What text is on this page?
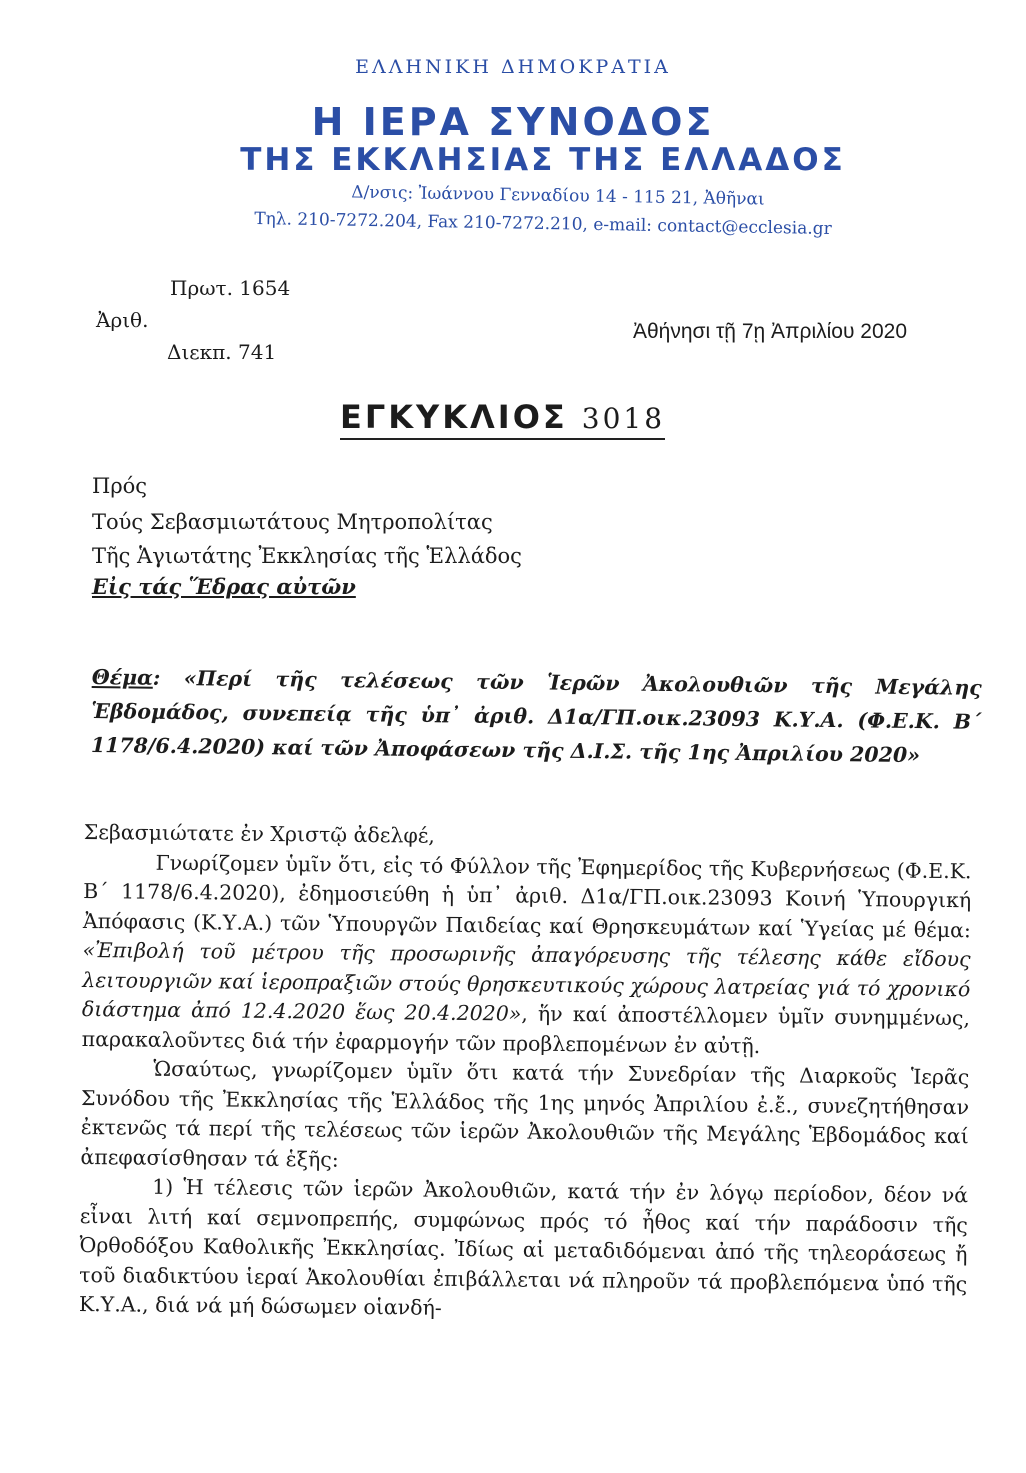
ΕΛΛΗΝΙΚΗ ΔΗΜΟΚΡΑΤΙΑ
Η ΙΕΡΑ ΣΥΝΟΔΟΣ
ΤΗΣ ΕΚΚΛΗΣΙΑΣ ΤΗΣ ΕΛΛΑΔΟΣ
Δ/νσις: Ἰωάννου Γενναδίου 14 - 115 21, Ἀθῆναι
Τηλ. 210-7272.204, Fax 210-7272.210, e-mail: contact@ecclesia.gr
Πρωτ. 1654
Ἀριθ.
Διεκπ. 741
Ἀθήνησι τῇ 7ῃ Ἀπριλίου 2020
ΕΓΚΥΚΛΙΟΣ 3018
Πρός
Τούς Σεβασμιωτάτους Μητροπολίτας
Τῆς Ἁγιωτάτης Ἐκκλησίας τῆς Ἑλλάδος
Εἰς τάς Ἕδρας αὐτῶν
Θέμα: «Περί τῆς τελέσεως τῶν Ἱερῶν Ἀκολουθιῶν τῆς Μεγάλης Ἑβδομάδος, συνεπείᾳ τῆς ὑπ᾽ ἀριθ. Δ1α/ΓΠ.οικ.23093 Κ.Υ.Α. (Φ.Ε.Κ. Β΄ 1178/6.4.2020) καί τῶν Ἀποφάσεων τῆς Δ.Ι.Σ. τῆς 1ης Ἀπριλίου 2020»

Σεβασμιώτατε ἐν Χριστῷ ἀδελφέ,

Γνωρίζομεν ὑμῖν ὅτι, εἰς τό Φύλλον τῆς Ἐφημερίδος τῆς Κυβερνήσεως (Φ.Ε.Κ. Β΄ 1178/6.4.2020), ἐδημοσιεύθη ἡ ὑπ᾽ ἀριθ. Δ1α/ΓΠ.οικ.23093 Κοινή Ὑπουργική Ἀπόφασις (Κ.Υ.Α.) τῶν Ὑπουργῶν Παιδείας καί Θρησκευμάτων καί Ὑγείας μέ θέμα: «Ἐπιβολή τοῦ μέτρου τῆς προσωρινῆς ἀπαγόρευσης τῆς τέλεσης κάθε εἴδους λειτουργιῶν καί ἱεροπραξιῶν στούς θρησκευτικούς χώρους λατρείας γιά τό χρονικό διάστημα ἀπό 12.4.2020 ἕως 20.4.2020», ἥν καί ἀποστέλλομεν ὑμῖν συνημμένως, παρακαλοῦντες διά τήν ἐφαρμογήν τῶν προβλεπομένων ἐν αὐτῇ.

Ὡσαύτως, γνωρίζομεν ὑμῖν ὅτι κατά τήν Συνεδρίαν τῆς Διαρκοῦς Ἱερᾶς Συνόδου τῆς Ἐκκλησίας τῆς Ἑλλάδος τῆς 1ης μηνός Ἀπριλίου ἐ.ἔ., συνεζητήθησαν ἐκτενῶς τά περί τῆς τελέσεως τῶν ἱερῶν Ἀκολουθιῶν τῆς Μεγάλης Ἑβδομάδος καί ἀπεφασίσθησαν τά ἑξῆς:

1) Ἡ τέλεσις τῶν ἱερῶν Ἀκολουθιῶν, κατά τήν ἐν λόγῳ περίοδον, δέον νά εἶναι λιτή καί σεμνοπρεπής, συμφώνως πρός τό ἦθος καί τήν παράδοσιν τῆς Ὀρθοδόξου Καθολικῆς Ἐκκλησίας. Ἰδίως αἱ μεταδιδόμεναι ἀπό τῆς τηλεοράσεως ἤ τοῦ διαδικτύου ἱεραί Ἀκολουθίαι ἐπιβάλλεται νά πληροῦν τά προβλεπόμενα ὑπό τῆς Κ.Υ.Α., διά νά μή δώσωμεν οἱανδή-
